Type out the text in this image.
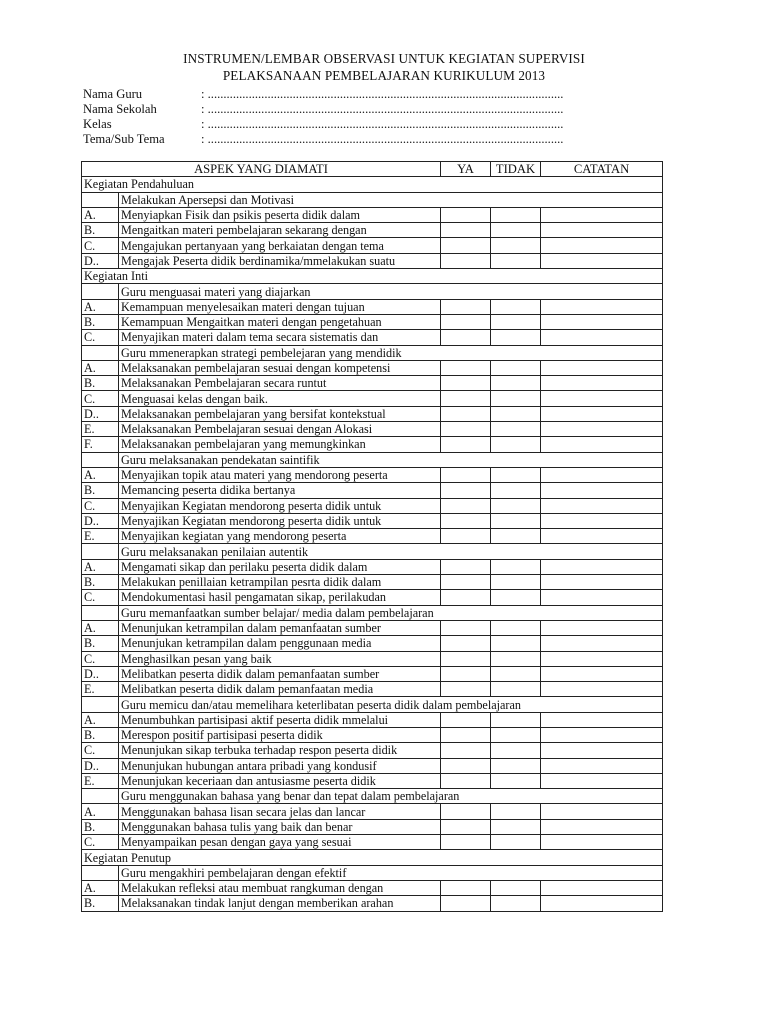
INSTRUMEN/LEMBAR OBSERVASI UNTUK KEGIATAN SUPERVISI
PELAKSANAAN PEMBELAJARAN KURIKULUM 2013
Nama Guru	: .................................................................................................................
Nama Sekolah	: .................................................................................................................
Kelas	: .................................................................................................................
Tema/Sub Tema	: .................................................................................................................
ASPEK YANG DIAMATI		YA	TIDAK	CATATAN
Kegiatan Pendahuluan				
	Melakukan Apersepsi dan Motivasi			
A.	Menyiapkan Fisik dan psikis peserta didik dalam			
B.	Mengaitkan materi pembelajaran sekarang dengan			
C.	Mengajukan pertanyaan yang berkaiatan dengan tema			
D..	Mengajak Peserta didik berdinamika/mmelakukan suatu			
Kegiatan Inti				
	Guru menguasai materi yang diajarkan			
A.	Kemampuan menyelesaikan materi dengan tujuan			
B.	Kemampuan Mengaitkan materi dengan pengetahuan			
C.	Menyajikan materi dalam tema secara sistematis dan			
	Guru mmenerapkan strategi pembelejaran yang mendidik			
A.	Melaksanakan pembelajaran sesuai dengan kompetensi			
B.	Melaksanakan Pembelajaran secara runtut			
C.	Menguasai kelas dengan baik.			
D..	Melaksanakan pembelajaran yang bersifat kontekstual			
E.	Melaksanakan Pembelajaran sesuai dengan Alokasi			
F.	Melaksanakan pembelajaran yang memungkinkan			
	Guru melaksanakan pendekatan saintifik			
A.	Menyajikan topik atau materi yang mendorong peserta			
B.	Memancing peserta didika bertanya			
C.	Menyajikan Kegiatan mendorong peserta didik untuk			
D..	Menyajikan Kegiatan mendorong peserta didik untuk			
E.	Menyajikan kegiatan yang mendorong peserta			
	Guru melaksanakan penilaian autentik			
A.	Mengamati sikap dan perilaku peserta didik dalam			
B.	Melakukan penillaian ketrampilan pesrta didik dalam			
C.	Mendokumentasi hasil pengamatan sikap, perilakudan			
	Guru memanfaatkan sumber belajar/ media dalam pembelajaran			
A.	Menunjukan ketrampilan dalam pemanfaatan sumber			
B.	Menunjukan ketrampilan dalam penggunaan media			
C.	Menghasilkan pesan yang baik			
D..	Melibatkan peserta didik dalam pemanfaatan sumber			
E.	Melibatkan peserta didik dalam pemanfaatan media			
	Guru memicu dan/atau memelihara keterlibatan peserta didik dalam pembelajaran			
A.	Menumbuhkan partisipasi aktif peserta didik mmelalui			
B.	Merespon positif partisipasi peserta didik			
C.	Menunjukan sikap terbuka terhadap respon peserta didik			
D..	Menunjukan hubungan antara pribadi yang kondusif			
E.	Menunjukan keceriaan dan antusiasme peserta didik			
	Guru menggunakan bahasa yang benar dan tepat dalam pembelajaran			
A.	Menggunakan bahasa lisan secara jelas dan lancar			
B.	Menggunakan bahasa tulis yang baik dan benar			
C.	Menyampaikan pesan dengan gaya yang sesuai			
Kegiatan Penutup				
	Guru mengakhiri pembelajaran dengan efektif			
A.	Melakukan refleksi atau membuat rangkuman dengan			
B.	Melaksanakan tindak lanjut dengan memberikan arahan			
